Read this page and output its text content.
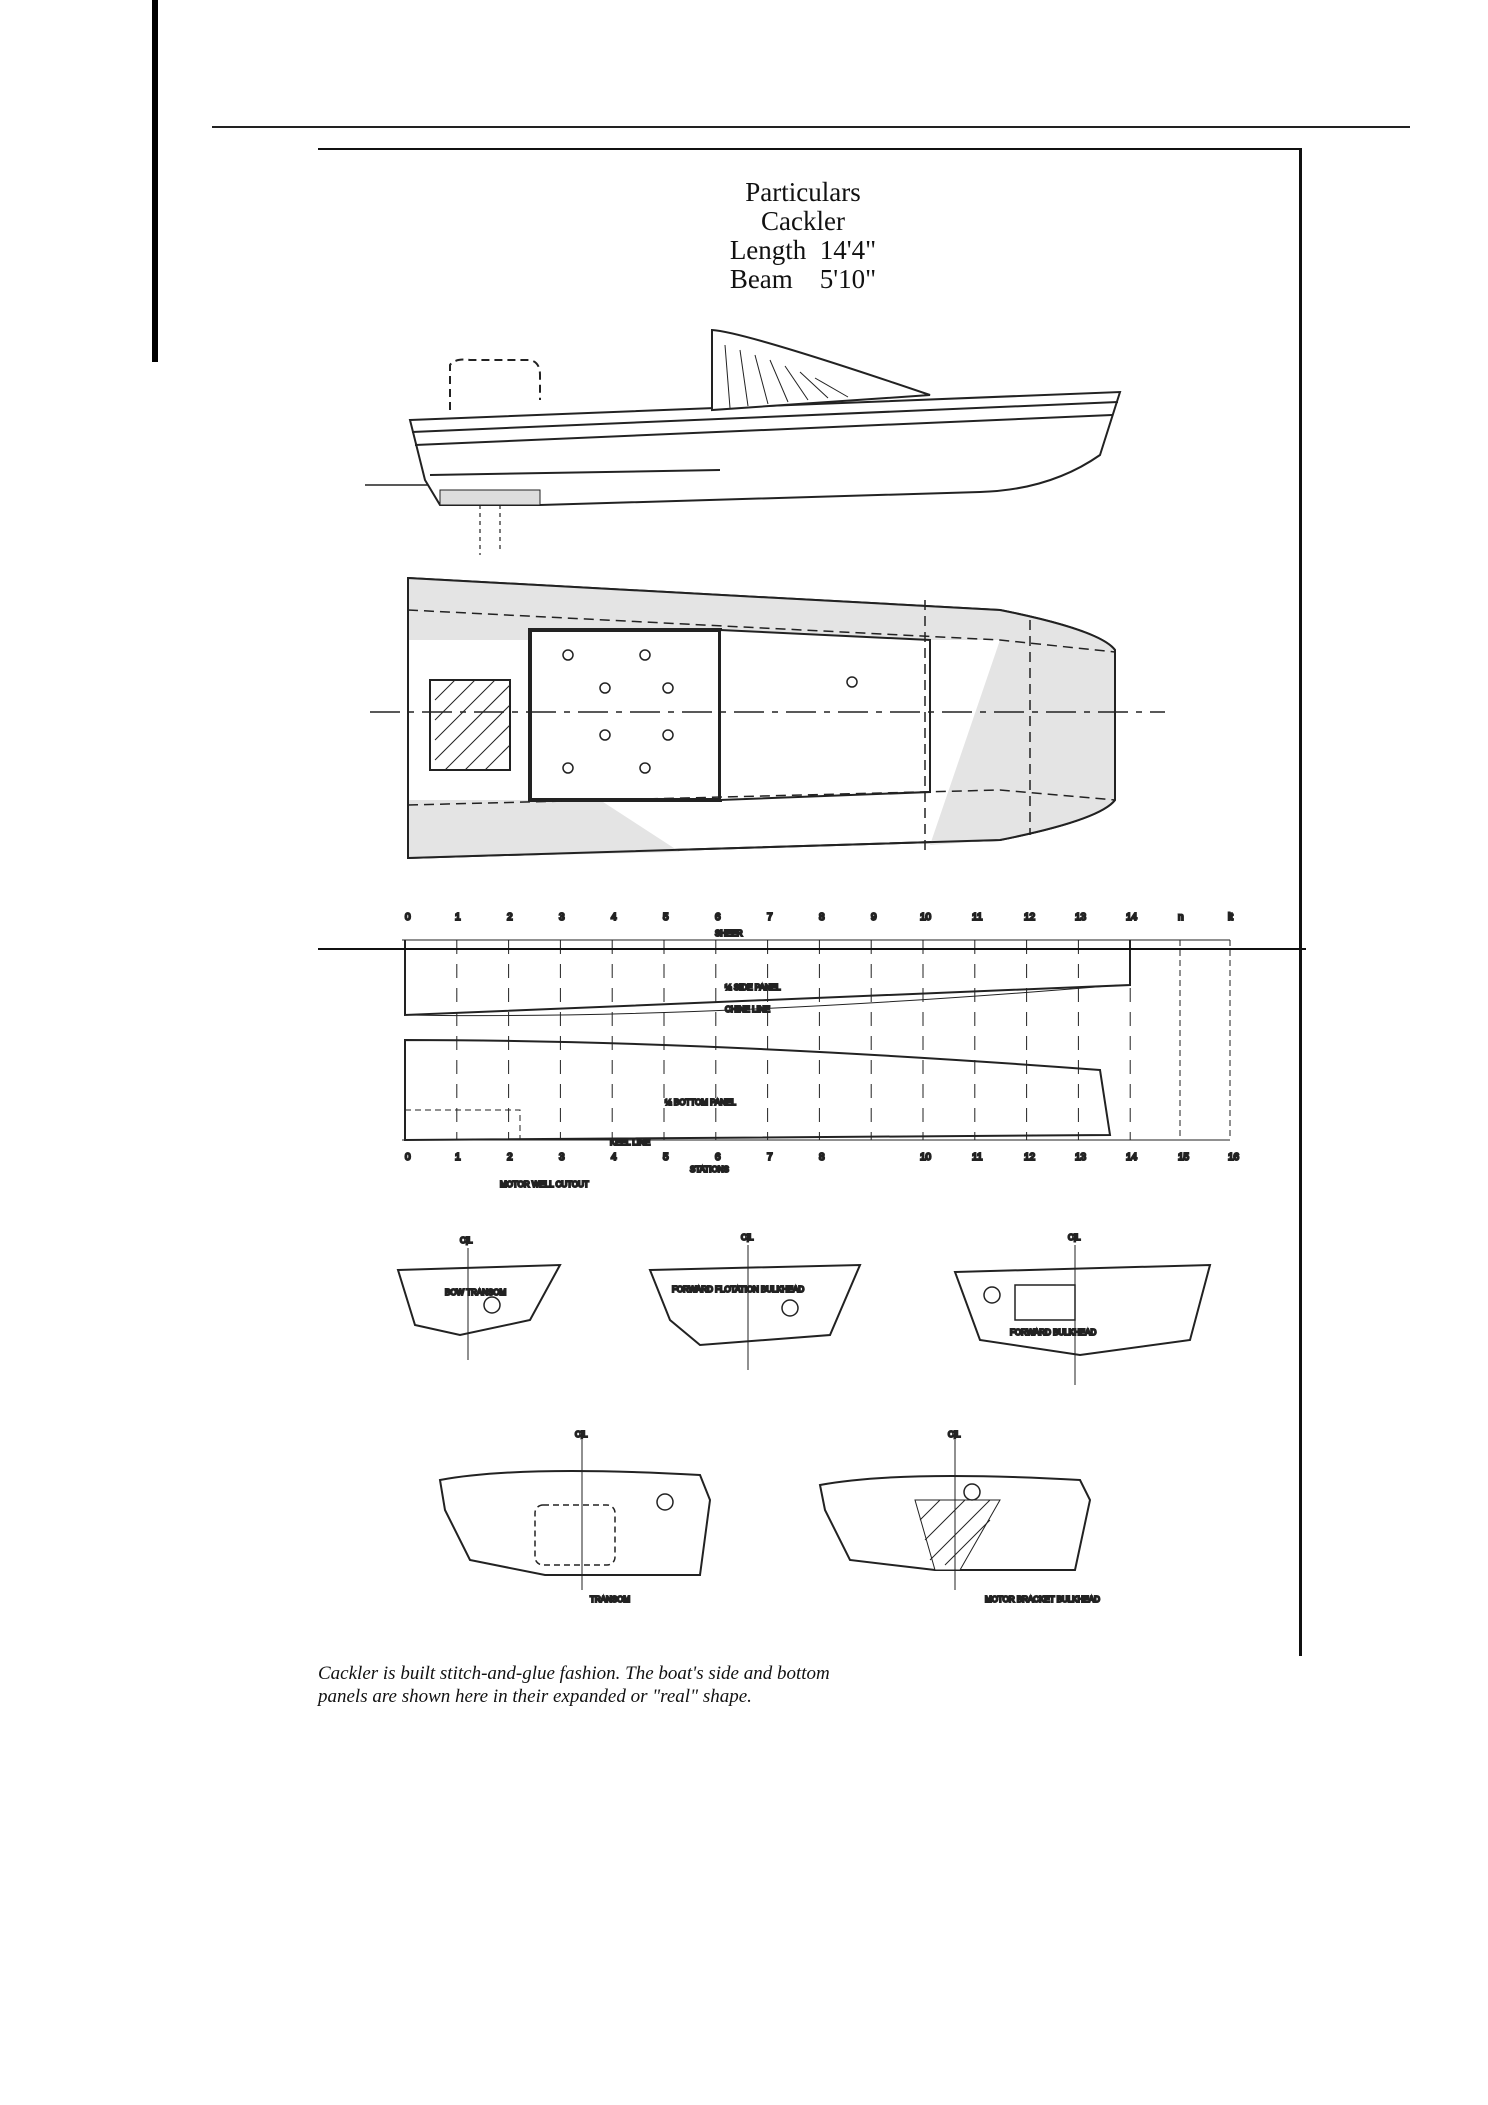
Particulars
Cackler
Length  14'4"
Beam    5'10"
0	1	2	3	4	5	6	7	8	9	10	11	12	13	14	n	it
0	1	2	3	4	5	6	7	8	10	11	12	13	14	15	16
SHEER
½ SIDE PANEL
CHINE LINE
½ BOTTOM PANEL
KEEL LINE
STATIONS
MOTOR WELL CUTOUT
BOW TRANSOM	FORWARD FLOTATION BULKHEAD
FORWARD BULKHEAD
C|L	C|L	C|L
TRANSOM	MOTOR BRACKET BULKHEAD
C|L	C|L
Cackler is built stitch-and-glue fashion. The boat's side and bottom
panels are shown here in their expanded or "real" shape.
